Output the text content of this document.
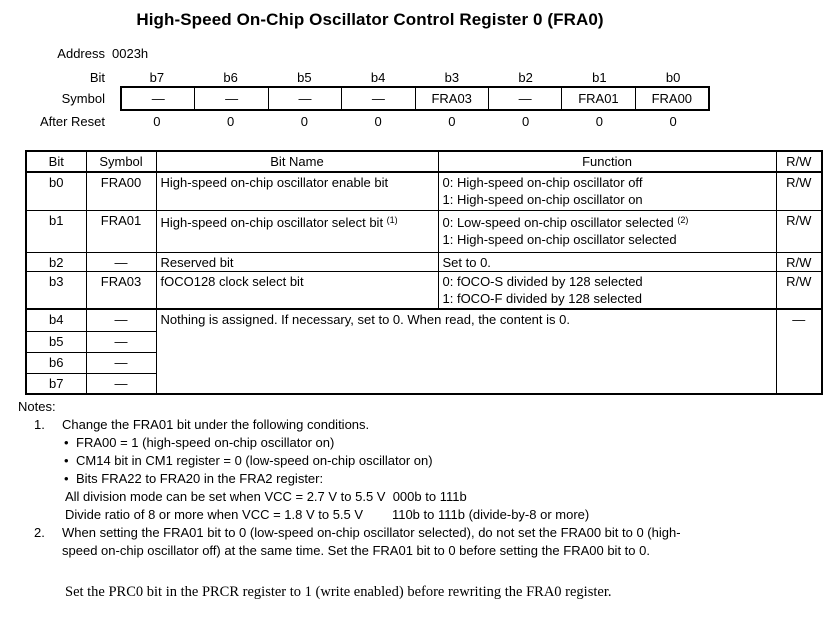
High-Speed On-Chip Oscillator Control Register 0 (FRA0)
Address 0023h
Bit	b7	b6	b5	b4	b3	b2	b1	b0
Symbol	—	—	—	—	FRA03	—	FRA01	FRA00
After Reset	0	0	0	0	0	0	0	0
Bit	Symbol	Bit Name	Function	R/W
b0	FRA00	High-speed on-chip oscillator enable bit	0: High-speed on-chip oscillator off
1: High-speed on-chip oscillator on	R/W
b1	FRA01	High-speed on-chip oscillator select bit $^{(1)}$	0: Low-speed on-chip oscillator selected $^{(2)}$
1: High-speed on-chip oscillator selected	R/W
b2	—	Reserved bit	Set to 0.	R/W
b3	FRA03	fOCO128 clock select bit	0: fOCO-S divided by 128 selected
1: fOCO-F divided by 128 selected	R/W
b4	—	Nothing is assigned. If necessary, set to 0. When read, the content is 0.		—
b5	—			
b6	—			
b7	—			
Notes:
1.	Change the FRA01 bit under the following conditions.
• FRA00 = 1 (high-speed on-chip oscillator on)
• CM14 bit in CM1 register = 0 (low-speed on-chip oscillator on)
• Bits FRA22 to FRA20 in the FRA2 register:
All division mode can be set when VCC = 2.7 V to 5.5 V  000b to 111b
Divide ratio of 8 or more when VCC = 1.8 V to 5.5 V        110b to 111b (divide-by-8 or more)
2.	When setting the FRA01 bit to 0 (low-speed on-chip oscillator selected), do not set the FRA00 bit to 0 (high-
speed on-chip oscillator off) at the same time. Set the FRA01 bit to 0 before setting the FRA00 bit to 0.
Set the PRC0 bit in the PRCR register to 1 (write enabled) before rewriting the FRA0 register.
